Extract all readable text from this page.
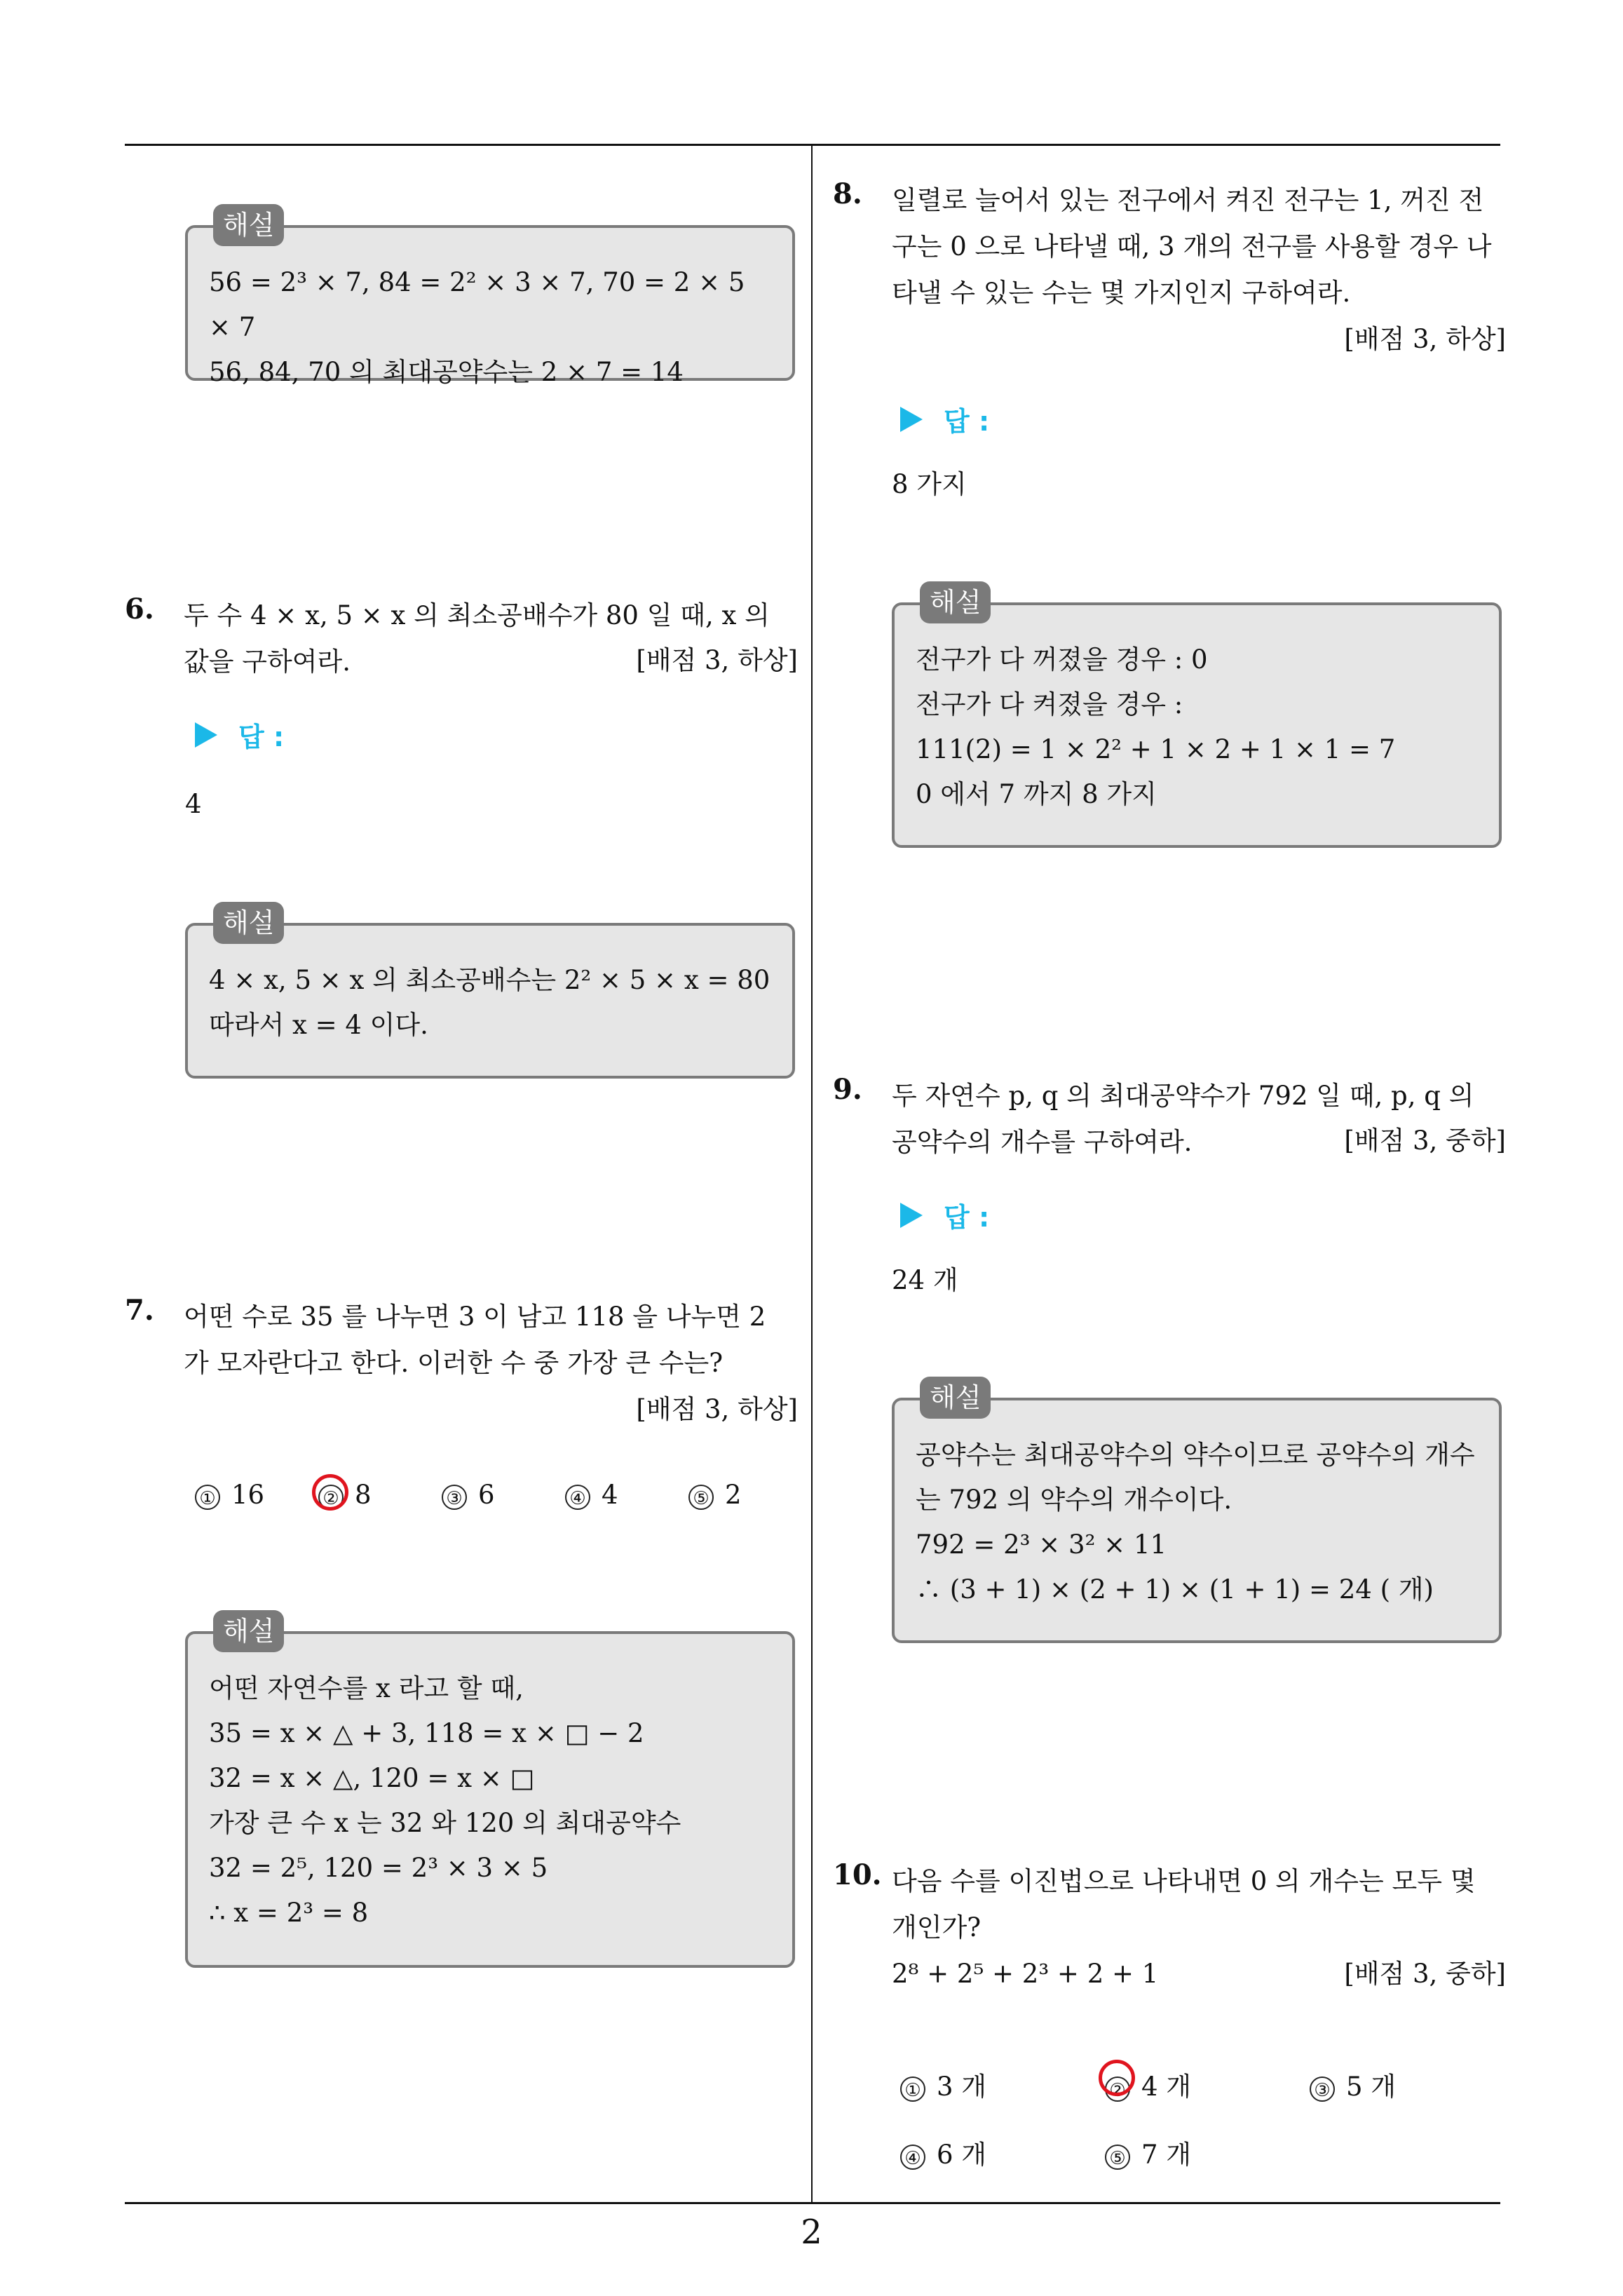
해설
56 = 2³ × 7, 84 = 2² × 3 × 7, 70 = 2 × 5 × 7
56, 84, 70 의 최대공약수는 2 × 7 = 14
6. 두 수 4 × x, 5 × x 의 최소공배수가 80 일 때, x 의 값을 구하여라.	[배점 3, 하상]
답 :
4
해설
4 × x, 5 × x 의 최소공배수는 2² × 5 × x = 80
따라서 x = 4 이다.
7. 어떤 수로 35 를 나누면 3 이 남고 118 을 나누면 2 가 모자란다고 한다. 이러한 수 중 가장 큰 수는?
[배점 3, 하상]
① 16	② 8	③ 6	④ 4	⑤ 2
해설
어떤 자연수를 x 라고 할 때,
35 = x × △ + 3, 118 = x × □ − 2
32 = x × △, 120 = x × □
가장 큰 수 x 는 32 와 120 의 최대공약수
32 = 2⁵, 120 = 2³ × 3 × 5
∴ x = 2³ = 8
8. 일렬로 늘어서 있는 전구에서 켜진 전구는 1, 꺼진 전구는 0 으로 나타낼 때, 3 개의 전구를 사용할 경우 나타낼 수 있는 수는 몇 가지인지 구하여라.
[배점 3, 하상]
답 :
8 가지
해설
전구가 다 꺼졌을 경우 : 0
전구가 다 켜졌을 경우 :
111(2) = 1 × 2² + 1 × 2 + 1 × 1 = 7
0 에서 7 까지 8 가지
9. 두 자연수 p, q 의 최대공약수가 792 일 때, p, q 의 공약수의 개수를 구하여라.	[배점 3, 중하]
답 :
24 개
해설
공약수는 최대공약수의 약수이므로 공약수의 개수는 792 의 약수의 개수이다.
792 = 2³ × 3² × 11
∴ (3 + 1) × (2 + 1) × (1 + 1) = 24 ( 개)
10. 다음 수를 이진법으로 나타내면 0 의 개수는 모두 몇 개인가?
2⁸ + 2⁵ + 2³ + 2 + 1	[배점 3, 중하]
① 3 개	② 4 개	③ 5 개
④ 6 개	⑤ 7 개
2
